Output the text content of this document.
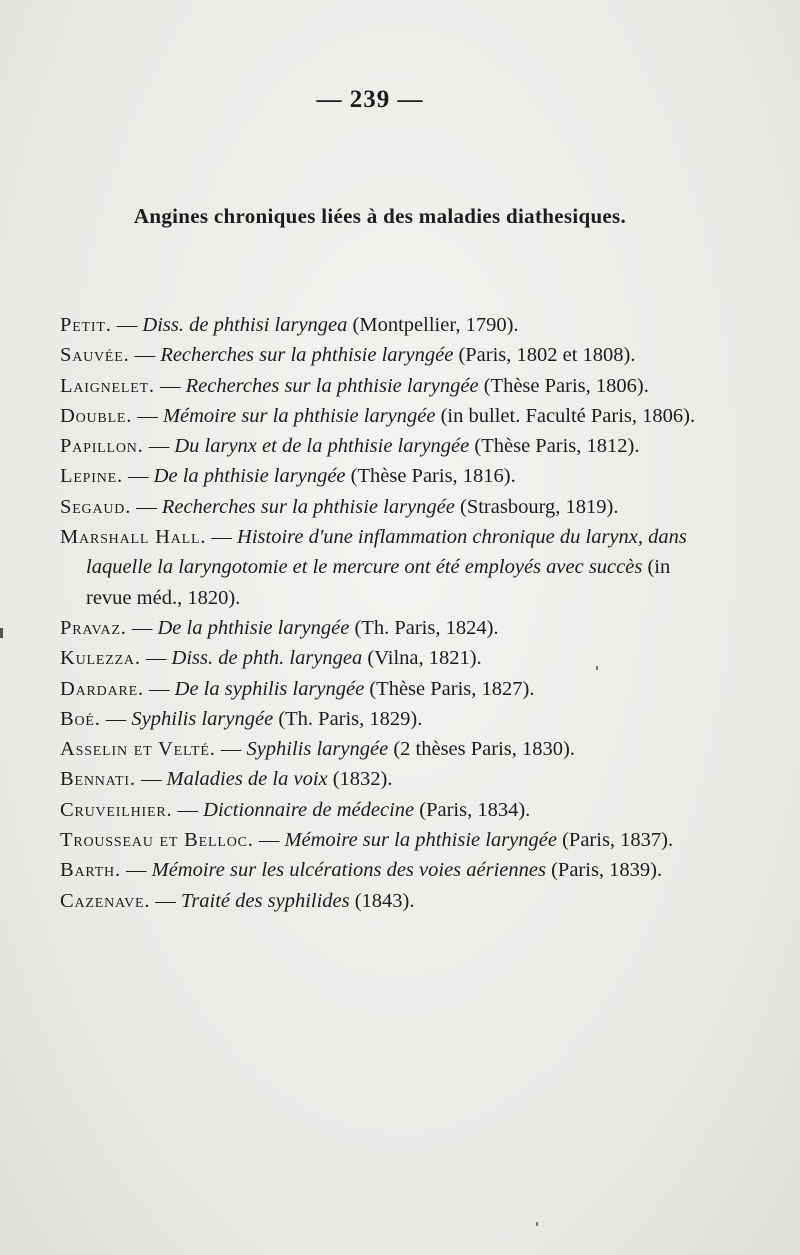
— 239 —
Angines chroniques liées à des maladies diathesiques.

Petit. — Diss. de phthisi laryngea (Montpellier, 1790).

Sauvée. — Recherches sur la phthisie laryngée (Paris, 1802 et 1808).

Laignelet. — Recherches sur la phthisie laryngée (Thèse Paris, 1806).

Double. — Mémoire sur la phthisie laryngée (in bullet. Faculté Paris, 1806).

Papillon. — Du larynx et de la phthisie laryngée (Thèse Paris, 1812).

Lepine. — De la phthisie laryngée (Thèse Paris, 1816).

Segaud. — Recherches sur la phthisie laryngée (Strasbourg, 1819).

Marshall Hall. — Histoire d'une inflammation chronique du larynx, dans laquelle la laryngotomie et le mercure ont été employés avec succès (in revue méd., 1820).

Pravaz. — De la phthisie laryngée (Th. Paris, 1824).

Kulezza. — Diss. de phth. laryngea (Vilna, 1821).

Dardare. — De la syphilis laryngée (Thèse Paris, 1827).

Boé. — Syphilis laryngée (Th. Paris, 1829).

Asselin et Velté. — Syphilis laryngée (2 thèses Paris, 1830).

Bennati. — Maladies de la voix (1832).

Cruveilhier. — Dictionnaire de médecine (Paris, 1834).

Trousseau et Belloc. — Mémoire sur la phthisie laryngée (Paris, 1837).

Barth. — Mémoire sur les ulcérations des voies aériennes (Paris, 1839).

Cazenave. — Traité des syphilides (1843).
